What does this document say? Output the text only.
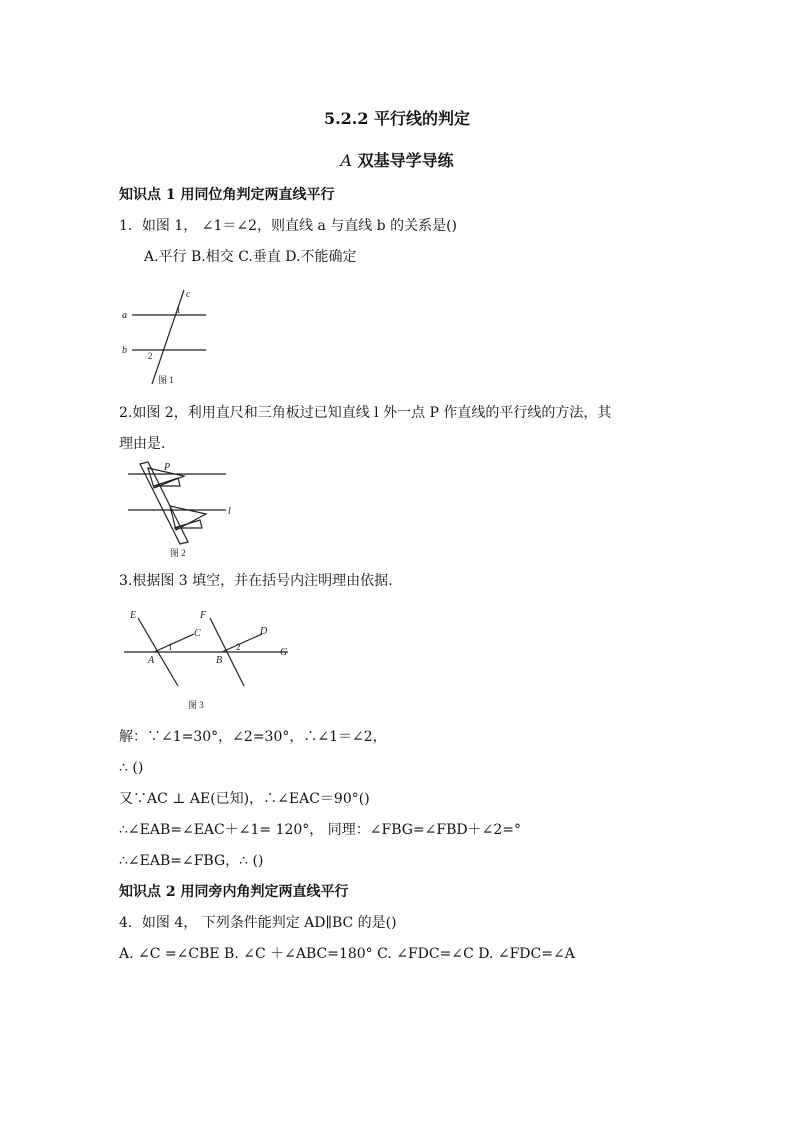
5.2.2 平行线的判定
A 双基导学导练
知识点 1 用同位角判定两直线平行
1．如图 1， ∠1＝∠2，则直线 a 与直线 b 的关系是()
A.平行 B.相交 C.垂直 D.不能确定
a
b
c
1
2
图 1
2.如图 2，利用直尺和三角板过已知直线 l 外一点 P 作直线的平行线的方法，其
理由是.
P
l
图 2
3.根据图 3 填空，并在括号内注明理由依据.
E	F
C	D
A	B
G
1	2
图 3
解：∵∠1=30°，∠2=30°，∴∠1＝∠2，
∴ ()
又∵AC ⊥ AE(已知)，∴∠EAC＝90°()
∴∠EAB=∠EAC＋∠1= 120°， 同理：∠FBG=∠FBD＋∠2=°
∴∠EAB=∠FBG，∴ ()
知识点 2 用同旁内角判定两直线平行
4．如图 4， 下列条件能判定 AD∥BC 的是()
A. ∠C =∠CBE B. ∠C ＋∠ABC=180° C. ∠FDC=∠C D. ∠FDC=∠A
